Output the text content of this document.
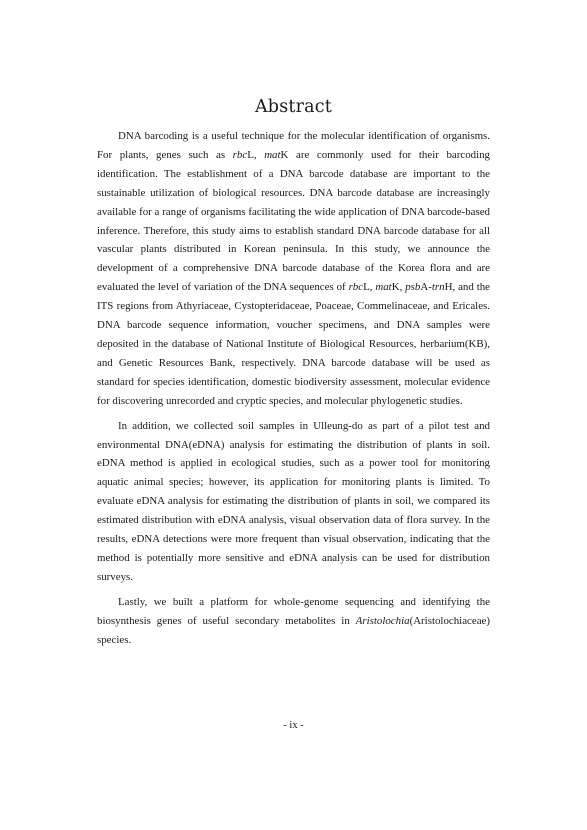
Abstract

DNA barcoding is a useful technique for the molecular identification of organisms. For plants, genes such as rbcL, matK are commonly used for their barcoding identification. The establishment of a DNA barcode database are important to the sustainable utilization of biological resources. DNA barcode database are increasingly available for a range of organisms facilitating the wide application of DNA barcode-based inference. Therefore, this study aims to establish standard DNA barcode database for all vascular plants distributed in Korean peninsula. In this study, we announce the development of a comprehensive DNA barcode database of the Korea flora and are evaluated the level of variation of the DNA sequences of rbcL, matK, psbA-trnH, and the ITS regions from Athyriaceae, Cystopteridaceae, Poaceae, Commelinaceae, and Ericales. DNA barcode sequence information, voucher specimens, and DNA samples were deposited in the database of National Institute of Biological Resources, herbarium(KB), and Genetic Resources Bank, respectively. DNA barcode database will be used as standard for species identification, domestic biodiversity assessment, molecular evidence for discovering unrecorded and cryptic species, and molecular phylogenetic studies.

In addition, we collected soil samples in Ulleung-do as part of a pilot test and environmental DNA(eDNA) analysis for estimating the distribution of plants in soil. eDNA method is applied in ecological studies, such as a power tool for monitoring aquatic animal species; however, its application for monitoring plants is limited. To evaluate eDNA analysis for estimating the distribution of plants in soil, we compared its estimated distribution with eDNA analysis, visual observation data of flora survey. In the results, eDNA detections were more frequent than visual observation, indicating that the method is potentially more sensitive and eDNA analysis can be used for distribution surveys.

Lastly, we built a platform for whole-genome sequencing and identifying the biosynthesis genes of useful secondary metabolites in Aristolochia(Aristolochiaceae) species.

- ix -
